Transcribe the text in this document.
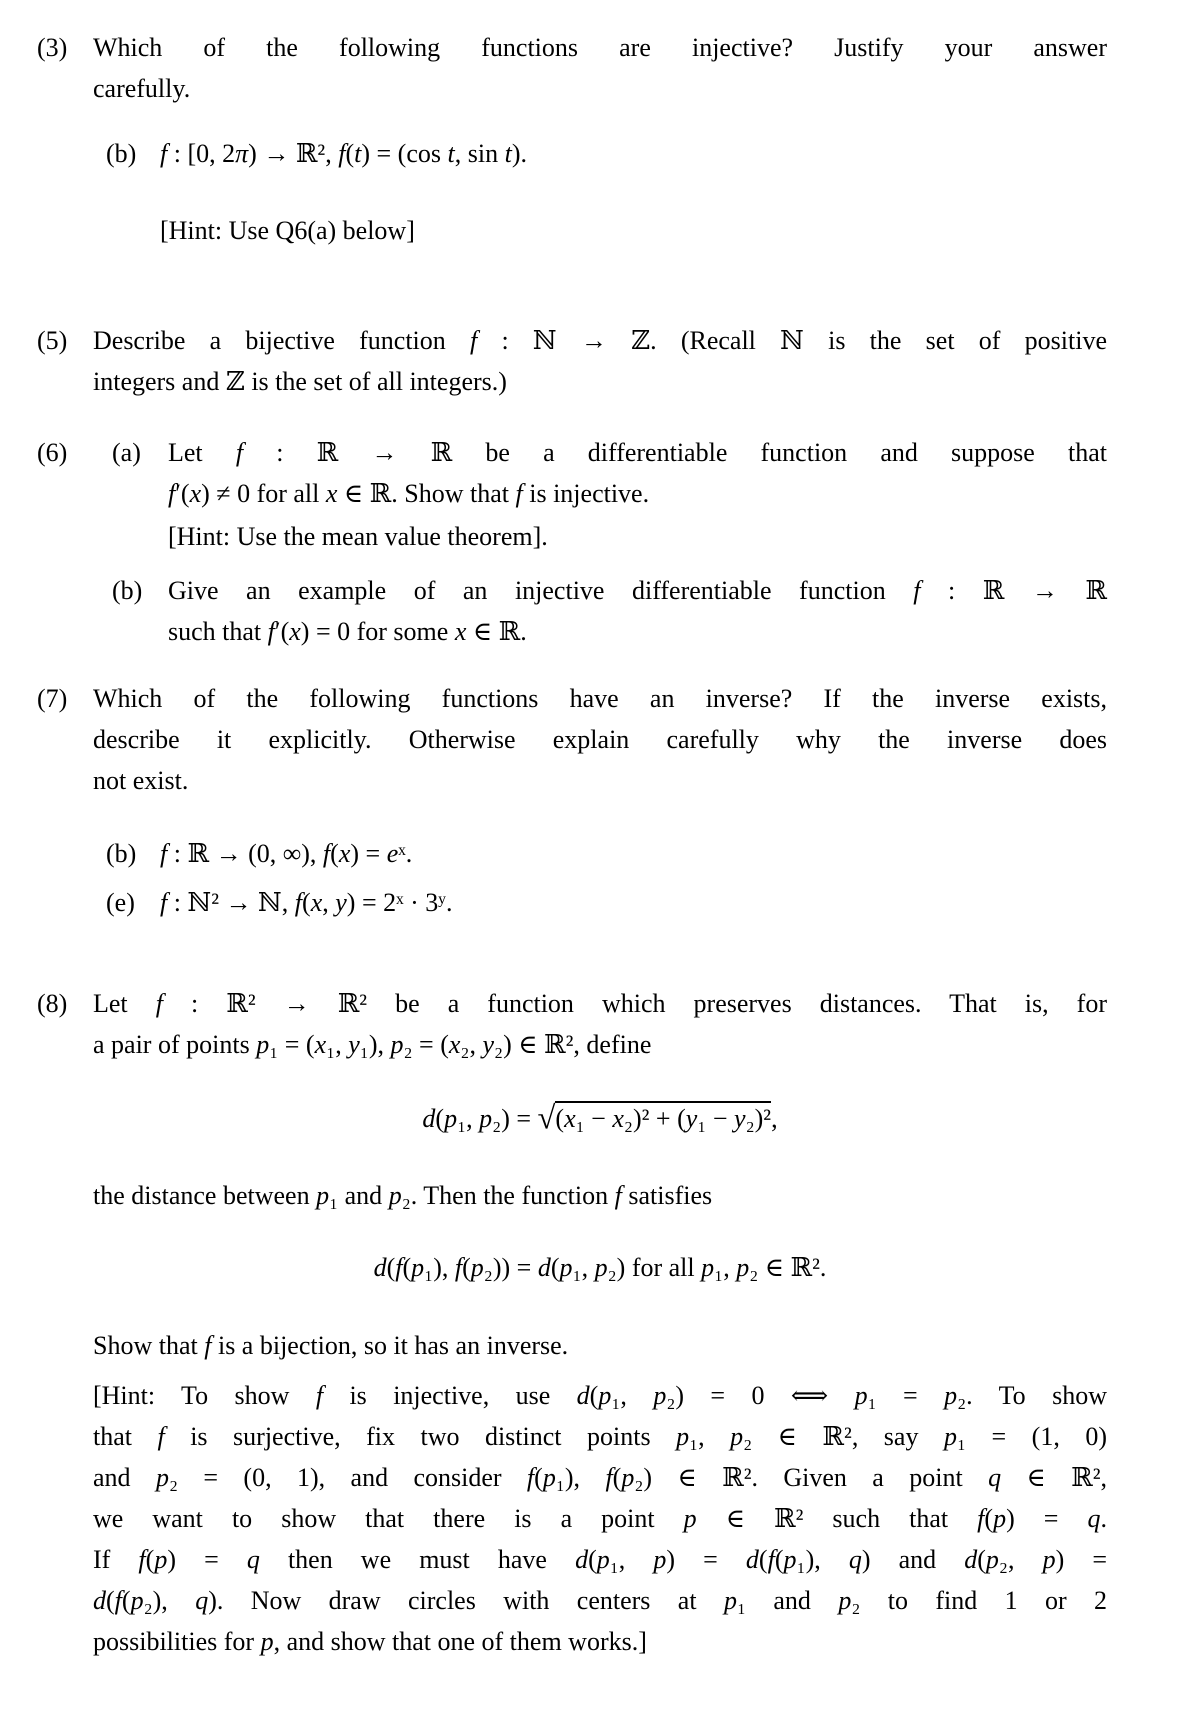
(3) Which of the following functions are injective? Justify your answer
carefully.
(b) f : [0, 2π) → ℝ², f(t) = (cos t, sin t).
[Hint: Use Q6(a) below]
(5) Describe a bijective function f : ℕ → ℤ. (Recall ℕ is the set of positive
integers and ℤ is the set of all integers.)
(6) (a) Let f : ℝ → ℝ be a differentiable function and suppose that
f′(x) ≠ 0 for all x ∈ ℝ. Show that f is injective.
[Hint: Use the mean value theorem].
(b) Give an example of an injective differentiable function f : ℝ → ℝ
such that f′(x) = 0 for some x ∈ ℝ.
(7) Which of the following functions have an inverse? If the inverse exists,
describe it explicitly. Otherwise explain carefully why the inverse does
not exist.
(b) f : ℝ → (0, ∞), f(x) = eˣ.
(e) f : ℕ² → ℕ, f(x, y) = 2ˣ · 3ʸ.
(8) Let f : ℝ² → ℝ² be a function which preserves distances. That is, for
a pair of points p₁ = (x₁, y₁), p₂ = (x₂, y₂) ∈ ℝ², define
d(p₁, p₂) = √(x₁ − x₂)² + (y₁ − y₂)²,
the distance between p₁ and p₂. Then the function f satisfies
d(f(p₁), f(p₂)) = d(p₁, p₂) for all p₁, p₂ ∈ ℝ².
Show that f is a bijection, so it has an inverse.
[Hint: To show f is injective, use d(p₁, p₂) = 0 ⟺ p₁ = p₂. To show
that f is surjective, fix two distinct points p₁, p₂ ∈ ℝ², say p₁ = (1, 0)
and p₂ = (0, 1), and consider f(p₁), f(p₂) ∈ ℝ². Given a point q ∈ ℝ²,
we want to show that there is a point p ∈ ℝ² such that f(p) = q.
If f(p) = q then we must have d(p₁, p) = d(f(p₁), q) and d(p₂, p) =
d(f(p₂), q). Now draw circles with centers at p₁ and p₂ to find 1 or 2
possibilities for p, and show that one of them works.]
